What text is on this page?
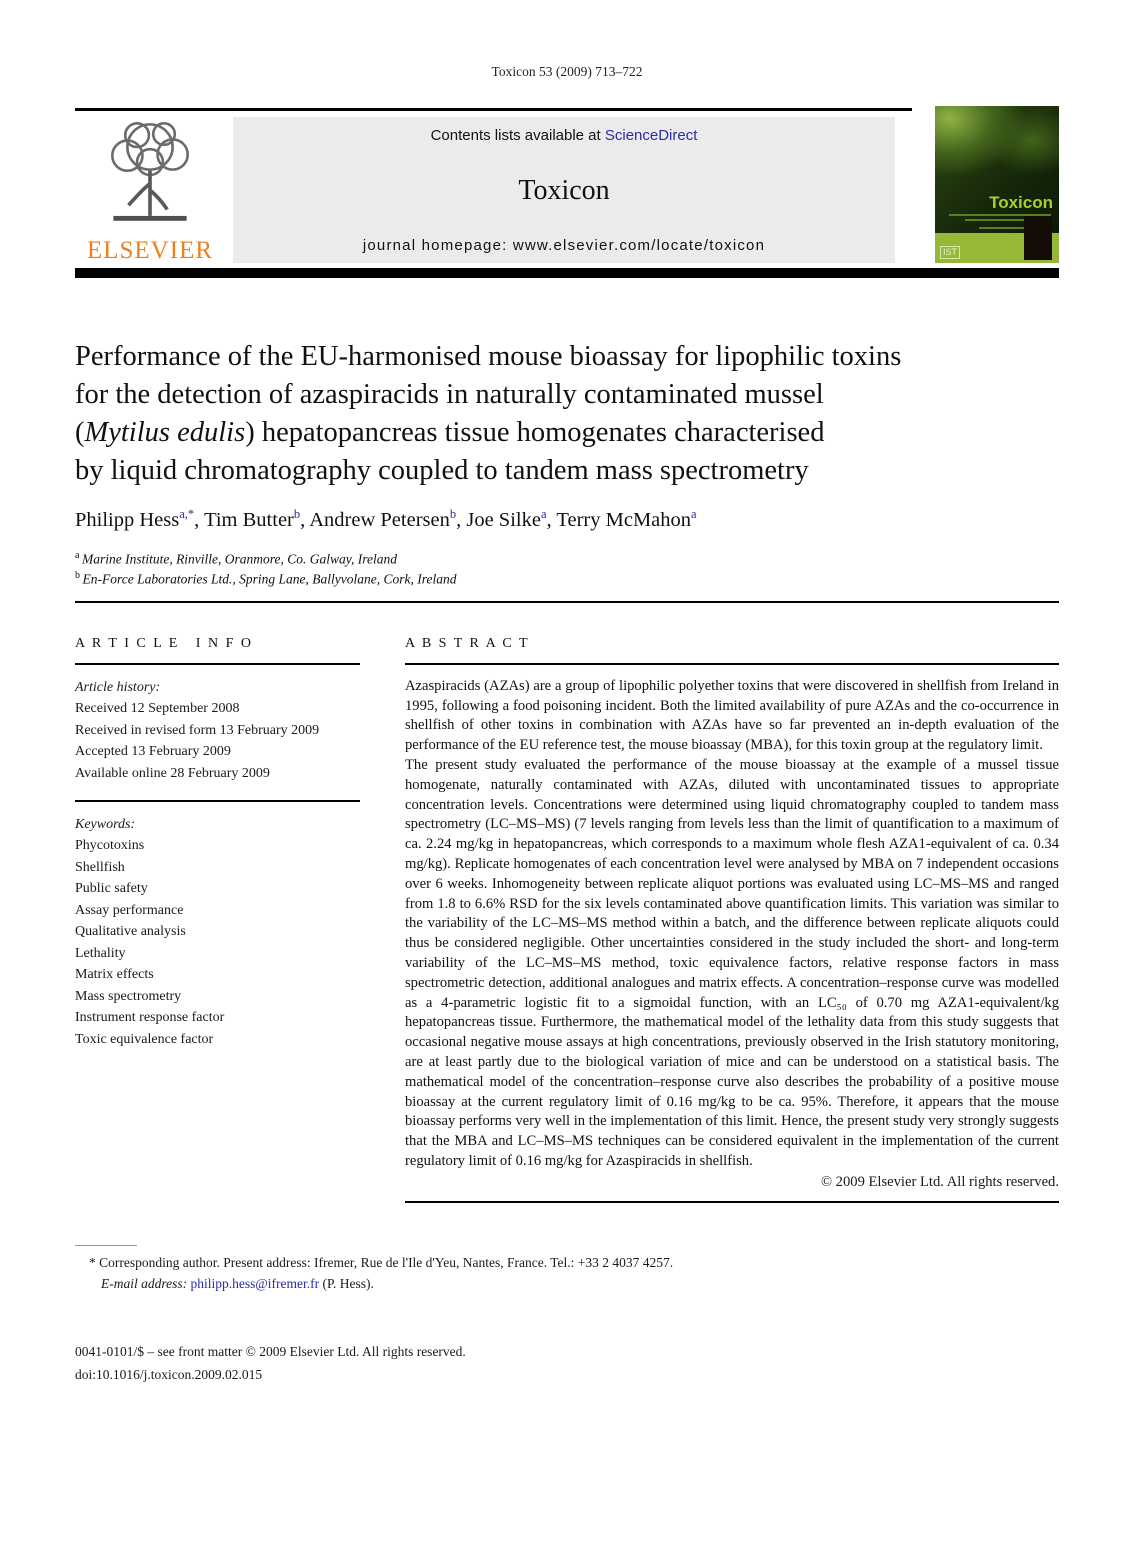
Toxicon 53 (2009) 713–722
ELSEVIER
Contents lists available at ScienceDirect
Toxicon
journal homepage: www.elsevier.com/locate/toxicon
Toxicon
IST
Performance of the EU-harmonised mouse bioassay for lipophilic toxins
for the detection of azaspiracids in naturally contaminated mussel
(Mytilus edulis) hepatopancreas tissue homogenates characterised
by liquid chromatography coupled to tandem mass spectrometry
Philipp Hess$^{a,*}$, Tim Butter$^b$, Andrew Petersen$^b$, Joe Silke$^a$, Terry McMahon$^a$
$^a$ Marine Institute, Rinville, Oranmore, Co. Galway, Ireland
$^b$ En-Force Laboratories Ltd., Spring Lane, Ballyvolane, Cork, Ireland
A R T I C L E   I N F O
Article history:
Received 12 September 2008
Received in revised form 13 February 2009
Accepted 13 February 2009
Available online 28 February 2009
Keywords:
Phycotoxins
Shellfish
Public safety
Assay performance
Qualitative analysis
Lethality
Matrix effects
Mass spectrometry
Instrument response factor
Toxic equivalence factor
A B S T R A C T

Azaspiracids (AZAs) are a group of lipophilic polyether toxins that were discovered in shellfish from Ireland in 1995, following a food poisoning incident. Both the limited availability of pure AZAs and the co-occurrence in shellfish of other toxins in combination with AZAs have so far prevented an in-depth evaluation of the performance of the EU reference test, the mouse bioassay (MBA), for this toxin group at the regulatory limit.

The present study evaluated the performance of the mouse bioassay at the example of a mussel tissue homogenate, naturally contaminated with AZAs, diluted with uncontaminated tissues to appropriate concentration levels. Concentrations were determined using liquid chromatography coupled to tandem mass spectrometry (LC–MS–MS) (7 levels ranging from levels less than the limit of quantification to a maximum of ca. 2.24 mg/kg in hepatopancreas, which corresponds to a maximum whole flesh AZA1-equivalent of ca. 0.34 mg/kg). Replicate homogenates of each concentration level were analysed by MBA on 7 independent occasions over 6 weeks. Inhomogeneity between replicate aliquot portions was evaluated using LC–MS–MS and ranged from 1.8 to 6.6% RSD for the six levels contaminated above quantification limits. This variation was similar to the variability of the LC–MS–MS method within a batch, and the difference between replicate aliquots could thus be considered negligible. Other uncertainties considered in the study included the short- and long-term variability of the LC–MS–MS method, toxic equivalence factors, relative response factors in mass spectrometric detection, additional analogues and matrix effects. A concentration–response curve was modelled as a 4-parametric logistic fit to a sigmoidal function, with an LC₅₀ of 0.70 mg AZA1-equivalent/kg hepatopancreas tissue. Furthermore, the mathematical model of the lethality data from this study suggests that occasional negative mouse assays at high concentrations, previously observed in the Irish statutory monitoring, are at least partly due to the biological variation of mice and can be understood on a statistical basis. The mathematical model of the concentration–response curve also describes the probability of a positive mouse bioassay at the current regulatory limit of 0.16 mg/kg to be ca. 95%. Therefore, it appears that the mouse bioassay performs very well in the implementation of this limit. Hence, the present study very strongly suggests that the MBA and LC–MS–MS techniques can be considered equivalent in the implementation of the current regulatory limit of 0.16 mg/kg for Azaspiracids in shellfish.

© 2009 Elsevier Ltd. All rights reserved.
* Corresponding author. Present address: Ifremer, Rue de l'Ile d'Yeu, Nantes, France. Tel.: +33 2 4037 4257.
E-mail address: philipp.hess@ifremer.fr (P. Hess).
0041-0101/$ – see front matter © 2009 Elsevier Ltd. All rights reserved.
doi:10.1016/j.toxicon.2009.02.015
